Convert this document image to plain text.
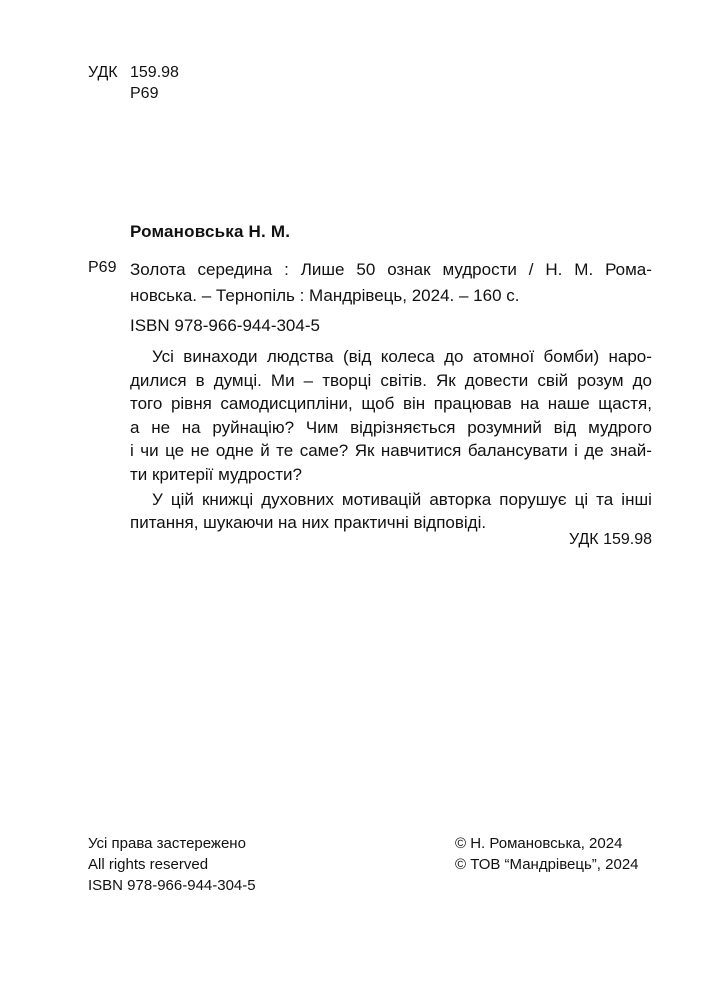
УДК 159.98
Р69
Романовська Н. М.
Р69 Золота середина : Лише 50 ознак мудрости / Н. М. Рома-
новська. – Тернопіль : Мандрівець, 2024. – 160 с.
ISBN 978-966-944-304-5
Усі винаходи людства (від колеса до атомної бомби) наро-
дилися в думці. Ми – творці світів. Як довести свій розум до
того рівня самодисципліни, щоб він працював на наше щастя,
а не на руйнацію? Чим відрізняється розумний від мудрого
і чи це не одне й те саме? Як навчитися балансувати і де знай-
ти критерії мудрости?
У цій книжці духовних мотивацій авторка порушує ці та інші
питання, шукаючи на них практичні відповіді.
УДК 159.98
Усі права застережено
All rights reserved
ISBN 978-966-944-304-5
© Н. Романовська, 2024
© ТОВ “Мандрівець”, 2024
